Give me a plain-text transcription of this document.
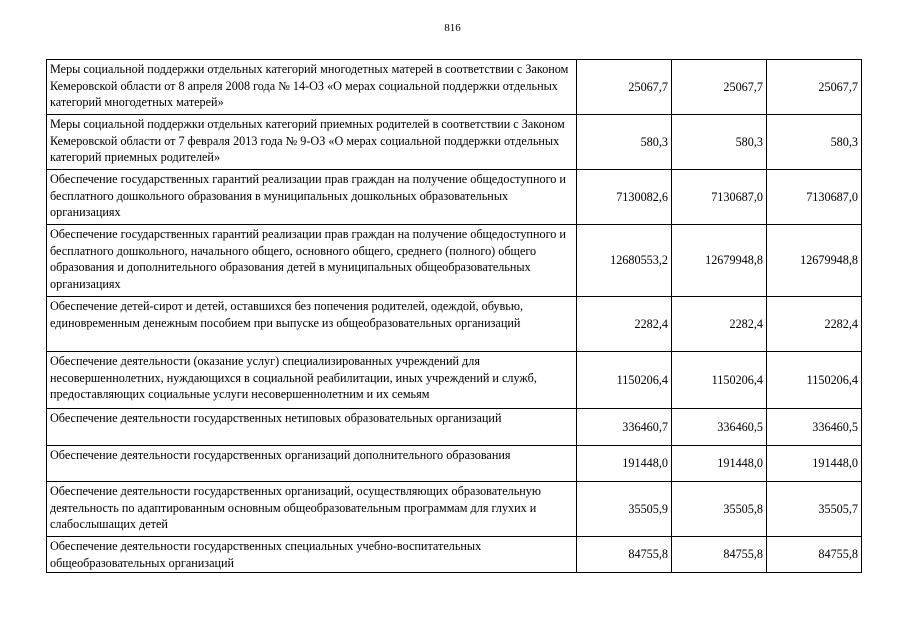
816
Меры социальной поддержки отдельных категорий многодетных матерей в соответствии с Законом Кемеровской области от 8 апреля 2008 года № 14-ОЗ «О мерах социальной поддержки отдельных категорий многодетных матерей»	25067,7	25067,7	25067,7
Меры социальной поддержки отдельных категорий приемных родителей в соответствии с Законом Кемеровской области от 7 февраля 2013 года № 9-ОЗ «О мерах социальной поддержки отдельных категорий приемных родителей»	580,3	580,3	580,3
Обеспечение государственных гарантий реализации прав граждан на получение общедоступного и бесплатного дошкольного образования в муниципальных дошкольных образовательных организациях	7130082,6	7130687,0	7130687,0
Обеспечение государственных гарантий реализации прав граждан на получение общедоступного и бесплатного дошкольного, начального общего, основного общего, среднего (полного) общего образования и дополнительного образования детей в муниципальных общеобразовательных организациях	12680553,2	12679948,8	12679948,8
Обеспечение детей-сирот и детей, оставшихся без попечения родителей, одеждой, обувью, единовременным денежным пособием при выпуске из общеобразовательных организаций	2282,4	2282,4	2282,4
Обеспечение деятельности (оказание услуг) специализированных учреждений для несовершеннолетних, нуждающихся в социальной реабилитации, иных учреждений и служб, предоставляющих социальные услуги несовершеннолетним и их семьям	1150206,4	1150206,4	1150206,4
Обеспечение деятельности государственных нетиповых образовательных организаций	336460,7	336460,5	336460,5
Обеспечение деятельности государственных организаций дополнительного образования	191448,0	191448,0	191448,0
Обеспечение деятельности государственных организаций, осуществляющих образовательную деятельность по адаптированным основным общеобразовательным программам для глухих и слабослышащих детей	35505,9	35505,8	35505,7
Обеспечение деятельности государственных специальных учебно-воспитательных общеобразовательных организаций	84755,8	84755,8	84755,8
